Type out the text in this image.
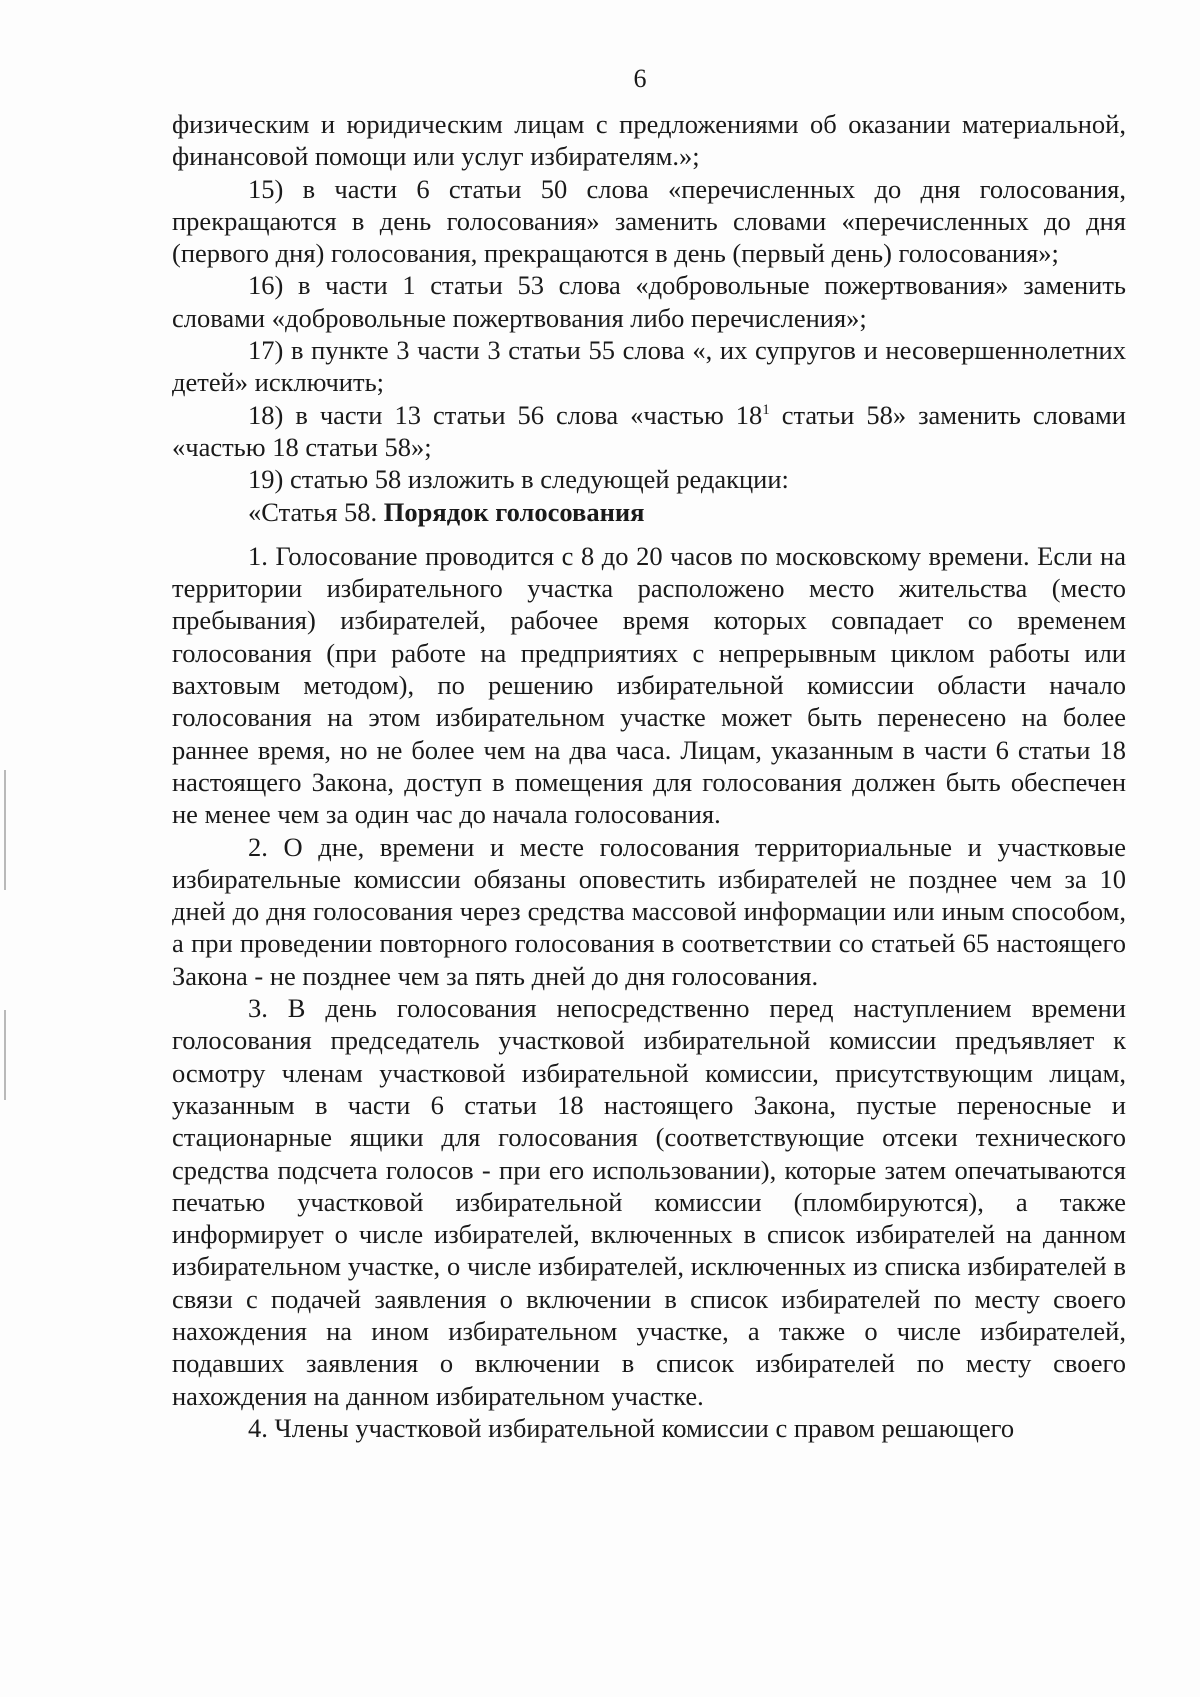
6

физическим и юридическим лицам с предложениями об оказании материальной, финансовой помощи или услуг избирателям.»;

15) в части 6 статьи 50 слова «перечисленных до дня голосования, прекращаются в день голосования» заменить словами «перечисленных до дня (первого дня) голосования, прекращаются в день (первый день) голосования»;

16) в части 1 статьи 53 слова «добровольные пожертвования» заменить словами «добровольные пожертвования либо перечисления»;

17) в пункте 3 части 3 статьи 55 слова «, их супругов и несовершеннолетних детей» исключить;

18) в части 13 статьи 56 слова «частью $18^1$ статьи 58» заменить словами «частью 18 статьи 58»;

19) статью 58 изложить в следующей редакции:

«Статья 58. Порядок голосования

1. Голосование проводится с 8 до 20 часов по московскому времени. Если на территории избирательного участка расположено место жительства (место пребывания) избирателей, рабочее время которых совпадает со временем голосования (при работе на предприятиях с непрерывным циклом работы или вахтовым методом), по решению избирательной комиссии области начало голосования на этом избирательном участке может быть перенесено на более раннее время, но не более чем на два часа. Лицам, указанным в части 6 статьи 18 настоящего Закона, доступ в помещения для голосования должен быть обеспечен не менее чем за один час до начала голосования.

2. О дне, времени и месте голосования территориальные и участковые избирательные комиссии обязаны оповестить избирателей не позднее чем за 10 дней до дня голосования через средства массовой информации или иным способом, а при проведении повторного голосования в соответствии со статьей 65 настоящего Закона - не позднее чем за пять дней до дня голосования.

3. В день голосования непосредственно перед наступлением времени голосования председатель участковой избирательной комиссии предъявляет к осмотру членам участковой избирательной комиссии, присутствующим лицам, указанным в части 6 статьи 18 настоящего Закона, пустые переносные и стационарные ящики для голосования (соответствующие отсеки технического средства подсчета голосов - при его использовании), которые затем опечатываются печатью участковой избирательной комиссии (пломбируются), а также информирует о числе избирателей, включенных в список избирателей на данном избирательном участке, о числе избирателей, исключенных из списка избирателей в связи с подачей заявления о включении в список избирателей по месту своего нахождения на ином избирательном участке, а также о числе избирателей, подавших заявления о включении в список избирателей по месту своего нахождения на данном избирательном участке.

4. Члены участковой избирательной комиссии с правом решающего
